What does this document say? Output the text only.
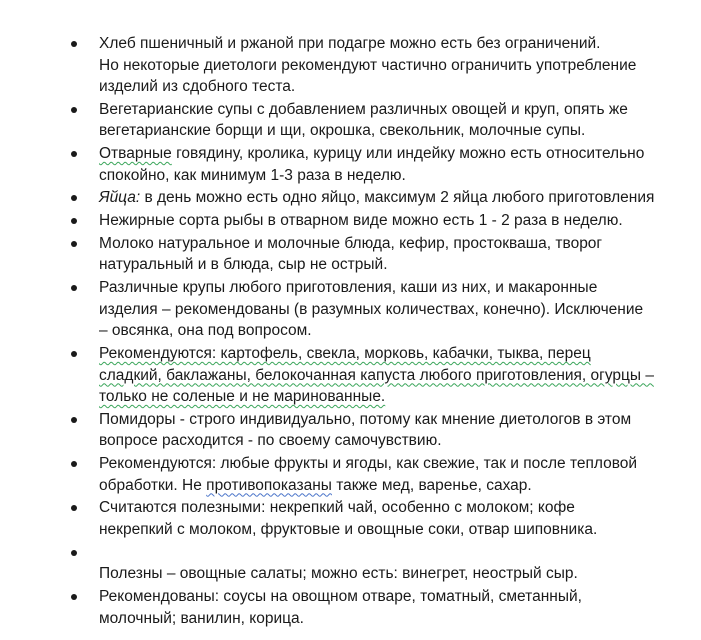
Хлеб пшеничный и ржаной при подагре можно есть без ограничений.
Но некоторые диетологи рекомендуют частично ограничить употребление
изделий из сдобного теста.
Вегетарианские супы с добавлением различных овощей и круп, опять же
вегетарианские борщи и щи, окрошка, свекольник, молочные супы.
Отварные говядину, кролика, курицу или индейку можно есть относительно
спокойно, как минимум 1-3 раза в неделю.
Яйца: в день можно есть одно яйцо, максимум 2 яйца любого приготовления
Нежирные сорта рыбы в отварном виде можно есть 1 - 2 раза в неделю.
Молоко натуральное и молочные блюда, кефир, простокваша, творог
натуральный и в блюда, сыр не острый.
Различные крупы любого приготовления, каши из них, и макаронные
изделия – рекомендованы (в разумных количествах, конечно). Исключение
– овсянка, она под вопросом.
Рекомендуются: картофель, свекла, морковь, кабачки, тыква, перец
сладкий, баклажаны, белокочанная капуста любого приготовления, огурцы –
только не соленые и не маринованные.
Помидоры - строго индивидуально, потому как мнение диетологов в этом
вопросе расходится - по своему самочувствию.
Рекомендуются: любые фрукты и ягоды, как свежие, так и после тепловой
обработки. Не противопоказаны также мед, варенье, сахар.
Считаются полезными: некрепкий чай, особенно с молоком; кофе
некрепкий с молоком, фруктовые и овощные соки, отвар шиповника.
Полезны – овощные салаты; можно есть: винегрет, неострый сыр.
Рекомендованы: соусы на овощном отваре, томатный, сметанный,
молочный; ванилин, корица.
